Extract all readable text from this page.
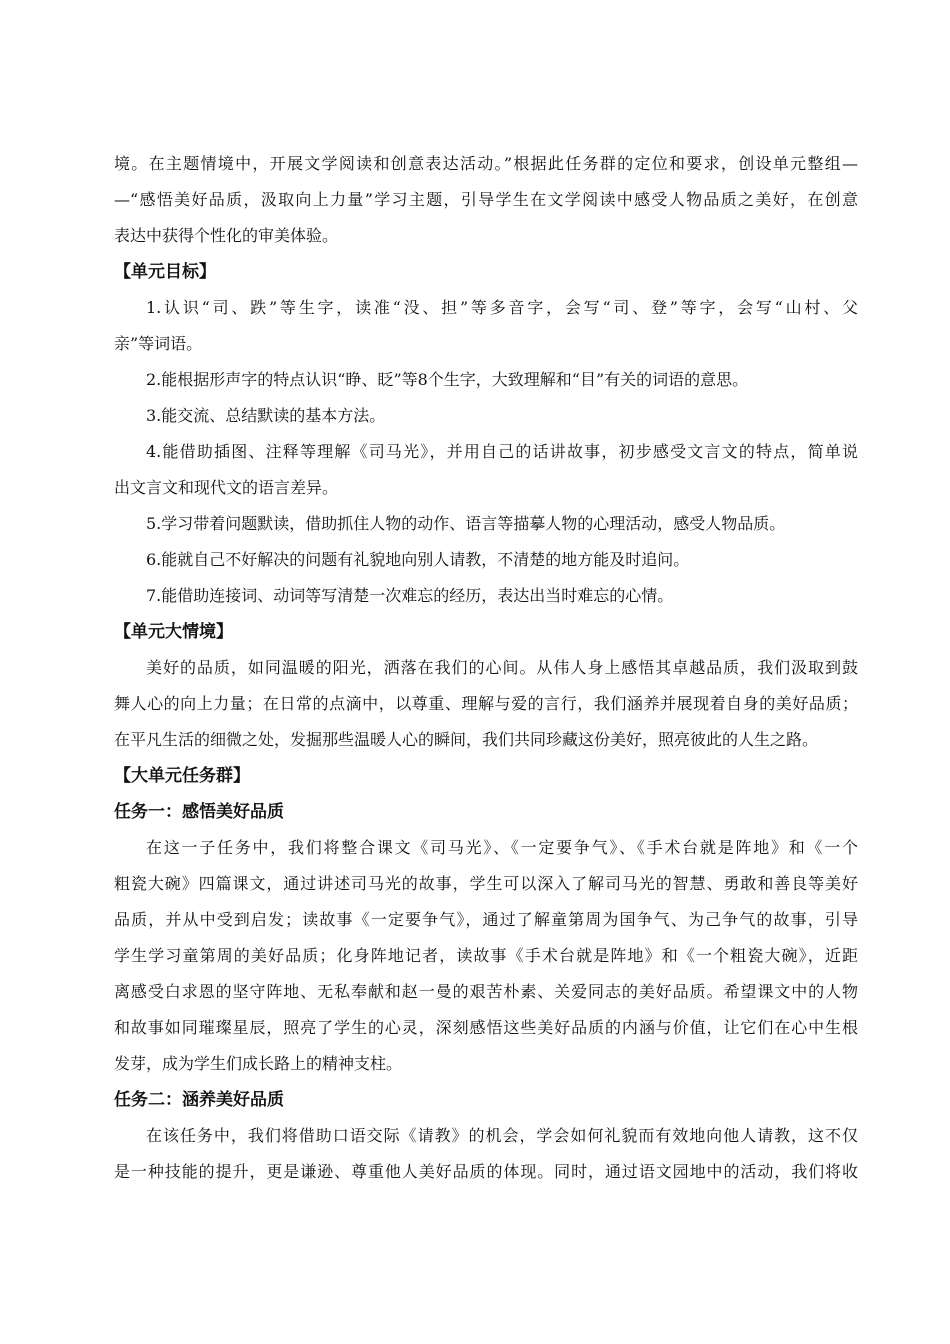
境。在主题情境中，开展文学阅读和创意表达活动。”根据此任务群的定位和要求，创设单元整组—
—“感悟美好品质，汲取向上力量”学习主题，引导学生在文学阅读中感受人物品质之美好，在创意
表达中获得个性化的审美体验。
【单元目标】
1.认识“司、跌”等生字，读准“没、担”等多音字，会写“司、登”等字，会写“山村、父
亲”等词语。
2.能根据形声字的特点认识“睁、眨”等8个生字，大致理解和“目”有关的词语的意思。
3.能交流、总结默读的基本方法。
4.能借助插图、注释等理解《司马光》，并用自己的话讲故事，初步感受文言文的特点，简单说
出文言文和现代文的语言差异。
5.学习带着问题默读，借助抓住人物的动作、语言等描摹人物的心理活动，感受人物品质。
6.能就自己不好解决的问题有礼貌地向别人请教，不清楚的地方能及时追问。
7.能借助连接词、动词等写清楚一次难忘的经历，表达出当时难忘的心情。
【单元大情境】
美好的品质，如同温暖的阳光，洒落在我们的心间。从伟人身上感悟其卓越品质，我们汲取到鼓
舞人心的向上力量；在日常的点滴中，以尊重、理解与爱的言行，我们涵养并展现着自身的美好品质；
在平凡生活的细微之处，发掘那些温暖人心的瞬间，我们共同珍藏这份美好，照亮彼此的人生之路。
【大单元任务群】
任务一：感悟美好品质
在这一子任务中，我们将整合课文《司马光》、《一定要争气》、《手术台就是阵地》和《一个
粗瓷大碗》四篇课文，通过讲述司马光的故事，学生可以深入了解司马光的智慧、勇敢和善良等美好
品质，并从中受到启发；读故事《一定要争气》，通过了解童第周为国争气、为己争气的故事，引导
学生学习童第周的美好品质；化身阵地记者，读故事《手术台就是阵地》和《一个粗瓷大碗》，近距
离感受白求恩的坚守阵地、无私奉献和赵一曼的艰苦朴素、关爱同志的美好品质。希望课文中的人物
和故事如同璀璨星辰，照亮了学生的心灵，深刻感悟这些美好品质的内涵与价值，让它们在心中生根
发芽，成为学生们成长路上的精神支柱。
任务二：涵养美好品质
在该任务中，我们将借助口语交际《请教》的机会，学会如何礼貌而有效地向他人请教，这不仅
是一种技能的提升，更是谦逊、尊重他人美好品质的体现。同时，通过语文园地中的活动，我们将收
